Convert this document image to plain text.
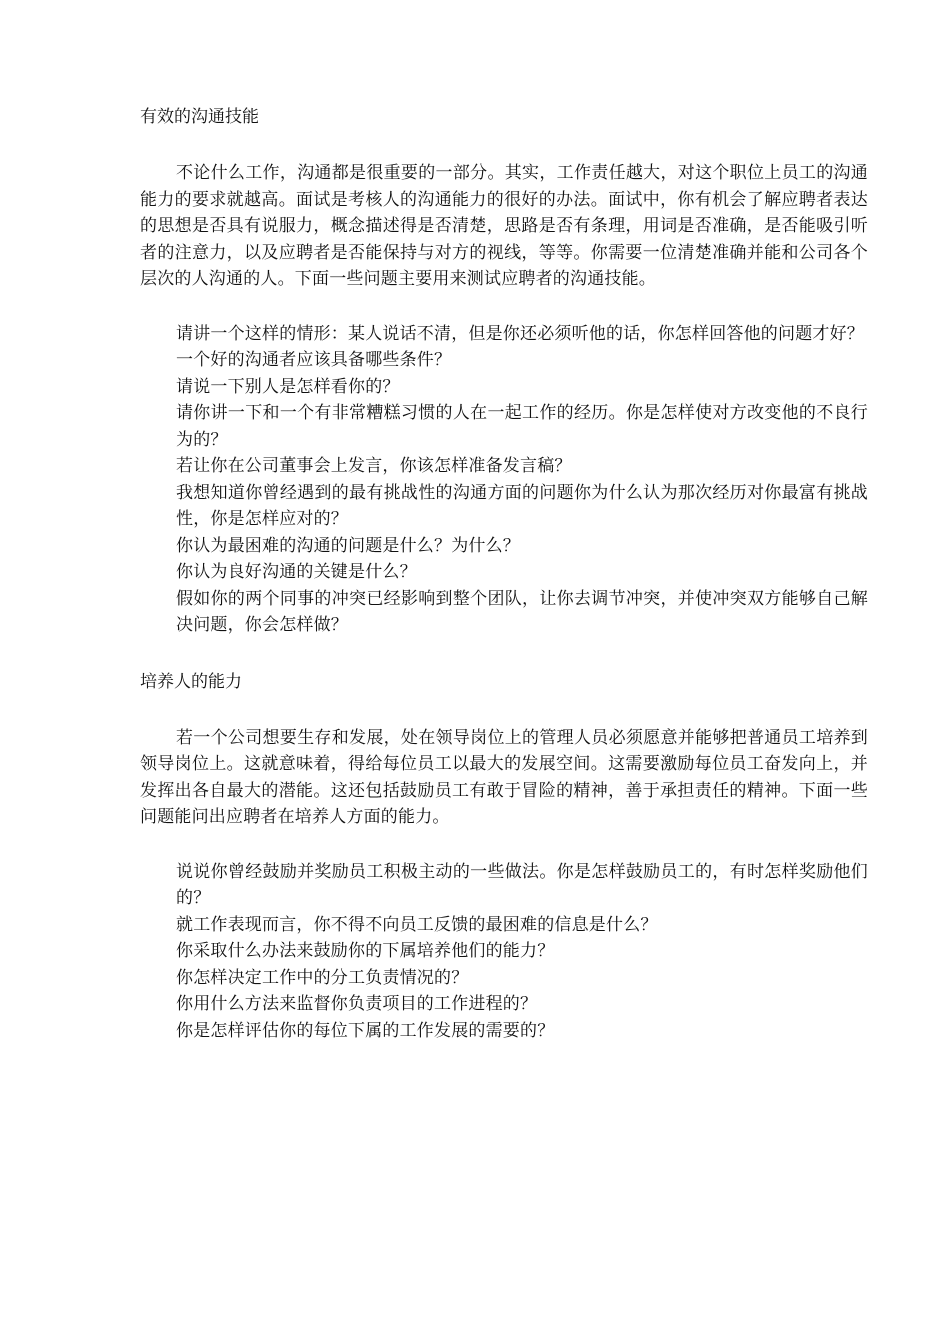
有效的沟通技能

不论什么工作，沟通都是很重要的一部分。其实，工作责任越大，对这个职位上员工的沟通能力的要求就越高。面试是考核人的沟通能力的很好的办法。面试中，你有机会了解应聘者表达的思想是否具有说服力，概念描述得是否清楚，思路是否有条理，用词是否准确，是否能吸引听者的注意力，以及应聘者是否能保持与对方的视线，等等。你需要一位清楚准确并能和公司各个层次的人沟通的人。下面一些问题主要用来测试应聘者的沟通技能。

请讲一个这样的情形：某人说话不清，但是你还必须听他的话，你怎样回答他的问题才好？
一个好的沟通者应该具备哪些条件？
请说一下别人是怎样看你的？
请你讲一下和一个有非常糟糕习惯的人在一起工作的经历。你是怎样使对方改变他的不良行为的？
若让你在公司董事会上发言，你该怎样准备发言稿？
我想知道你曾经遇到的最有挑战性的沟通方面的问题你为什么认为那次经历对你最富有挑战性，你是怎样应对的？
你认为最困难的沟通的问题是什么？为什么？
你认为良好沟通的关键是什么？
假如你的两个同事的冲突已经影响到整个团队，让你去调节冲突，并使冲突双方能够自己解决问题，你会怎样做？
培养人的能力

若一个公司想要生存和发展，处在领导岗位上的管理人员必须愿意并能够把普通员工培养到领导岗位上。这就意味着，得给每位员工以最大的发展空间。这需要激励每位员工奋发向上，并发挥出各自最大的潜能。这还包括鼓励员工有敢于冒险的精神，善于承担责任的精神。下面一些问题能问出应聘者在培养人方面的能力。

说说你曾经鼓励并奖励员工积极主动的一些做法。你是怎样鼓励员工的，有时怎样奖励他们的？
就工作表现而言，你不得不向员工反馈的最困难的信息是什么？
你采取什么办法来鼓励你的下属培养他们的能力？
你怎样决定工作中的分工负责情况的？
你用什么方法来监督你负责项目的工作进程的？
你是怎样评估你的每位下属的工作发展的需要的？
